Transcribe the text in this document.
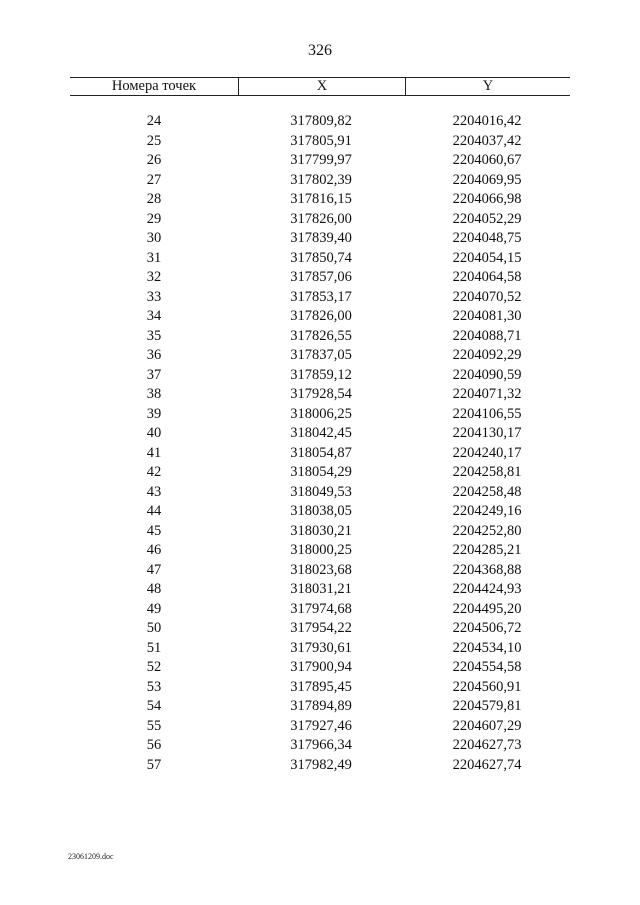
326
Номера точек	X	Y
24	317809,82	2204016,42
25	317805,91	2204037,42
26	317799,97	2204060,67
27	317802,39	2204069,95
28	317816,15	2204066,98
29	317826,00	2204052,29
30	317839,40	2204048,75
31	317850,74	2204054,15
32	317857,06	2204064,58
33	317853,17	2204070,52
34	317826,00	2204081,30
35	317826,55	2204088,71
36	317837,05	2204092,29
37	317859,12	2204090,59
38	317928,54	2204071,32
39	318006,25	2204106,55
40	318042,45	2204130,17
41	318054,87	2204240,17
42	318054,29	2204258,81
43	318049,53	2204258,48
44	318038,05	2204249,16
45	318030,21	2204252,80
46	318000,25	2204285,21
47	318023,68	2204368,88
48	318031,21	2204424,93
49	317974,68	2204495,20
50	317954,22	2204506,72
51	317930,61	2204534,10
52	317900,94	2204554,58
53	317895,45	2204560,91
54	317894,89	2204579,81
55	317927,46	2204607,29
56	317966,34	2204627,73
57	317982,49	2204627,74
23061209.doc
